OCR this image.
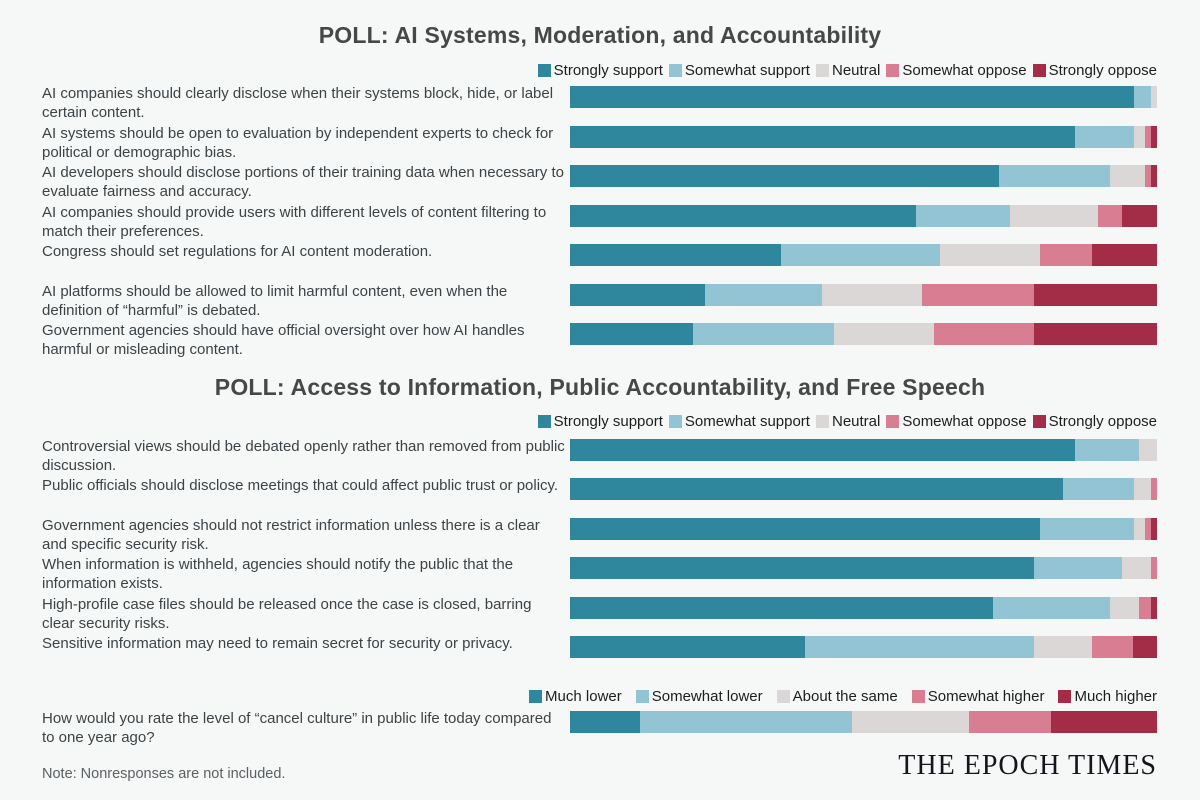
POLL: AI Systems, Moderation, and Accountability
Strongly support Somewhat support Neutral Somewhat oppose Strongly oppose
AI companies should clearly disclose when their systems block, hide, or label certain content.
AI systems should be open to evaluation by independent experts to check for political or demographic bias.
AI developers should disclose portions of their training data when necessary to evaluate fairness and accuracy.
AI companies should provide users with different levels of content filtering to match their preferences.
Congress should set regulations for AI content moderation.
AI platforms should be allowed to limit harmful content, even when the definition of “harmful” is debated.
Government agencies should have official oversight over how AI handles harmful or misleading content.
POLL: Access to Information, Public Accountability, and Free Speech
Strongly support Somewhat support Neutral Somewhat oppose Strongly oppose
Controversial views should be debated openly rather than removed from public discussion.
Public officials should disclose meetings that could affect public trust or policy.
Government agencies should not restrict information unless there is a clear and specific security risk.
When information is withheld, agencies should notify the public that the information exists.
High-profile case files should be released once the case is closed, barring clear security risks.
Sensitive information may need to remain secret for security or privacy.
Much lower Somewhat lower About the same Somewhat higher Much higher
How would you rate the level of “cancel culture” in public life today compared to one year ago?
Note: Nonresponses are not included.	THE EPOCH TIMES
